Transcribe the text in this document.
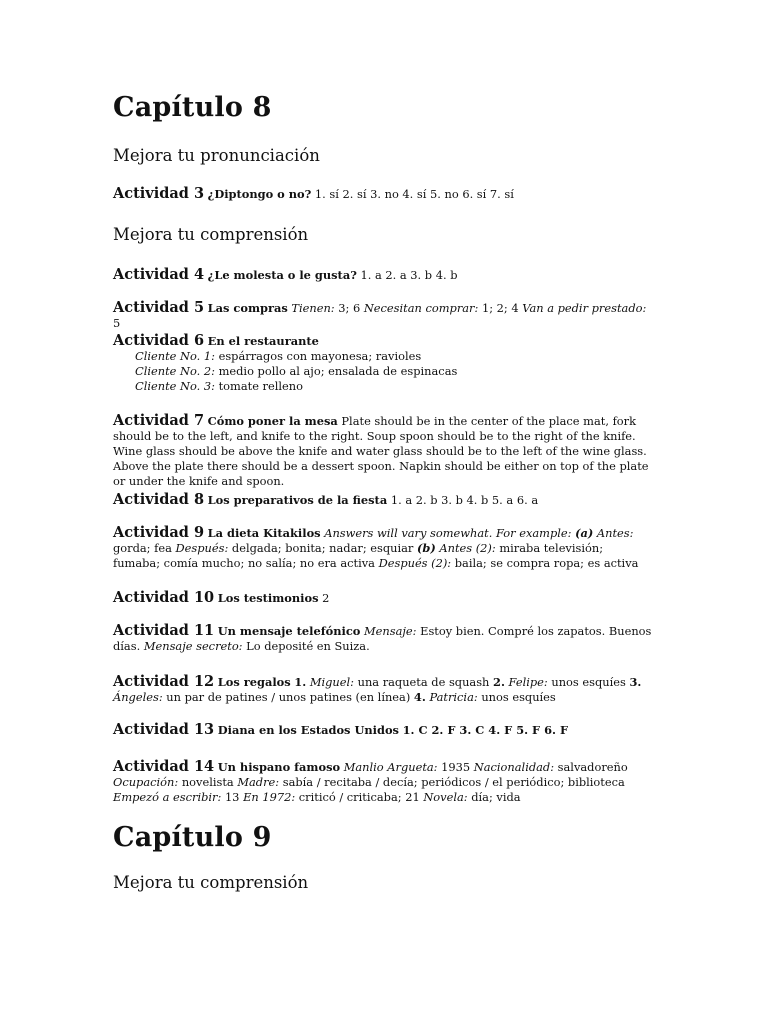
Capítulo 8
Mejora tu pronunciación

Actividad 3 ¿Diptongo o no? 1. sí 2. sí 3. no 4. sí 5. no 6. sí 7. sí

Mejora tu comprensión

Actividad 4 ¿Le molesta o le gusta? 1. a 2. a 3. b 4. b

Actividad 5 Las compras Tienen: 3; 6 Necesitan comprar: 1; 2; 4 Van a pedir prestado: 5

Actividad 6 En el restaurante
Cliente No. 1: espárragos con mayonesa; ravioles
Cliente No. 2: medio pollo al ajo; ensalada de espinacas
Cliente No. 3: tomate relleno

Actividad 7 Cómo poner la mesa Plate should be in the center of the place mat, fork should be to the left, and knife to the right. Soup spoon should be to the right of the knife. Wine glass should be above the knife and water glass should be to the left of the wine glass. Above the plate there should be a dessert spoon. Napkin should be either on top of the plate or under the knife and spoon.

Actividad 8 Los preparativos de la fiesta 1. a 2. b 3. b 4. b 5. a 6. a

Actividad 9 La dieta Kitakilos Answers will vary somewhat. For example: (a) Antes: gorda; fea Después: delgada; bonita; nadar; esquiar (b) Antes (2): miraba televisión; fumaba; comía mucho; no salía; no era activa Después (2): baila; se compra ropa; es activa

Actividad 10 Los testimonios 2

Actividad 11 Un mensaje telefónico Mensaje: Estoy bien. Compré los zapatos. Buenos días. Mensaje secreto: Lo deposité en Suiza.

Actividad 12 Los regalos 1. Miguel: una raqueta de squash 2. Felipe: unos esquíes 3. Ángeles: un par de patines / unos patines (en línea) 4. Patricia: unos esquíes

Actividad 13 Diana en los Estados Unidos 1. C 2. F 3. C 4. F 5. F 6. F

Actividad 14 Un hispano famoso Manlio Argueta: 1935 Nacionalidad: salvadoreño Ocupación: novelista Madre: sabía / recitaba / decía; periódicos / el periódico; biblioteca Empezó a escribir: 13 En 1972: criticó / criticaba; 21 Novela: día; vida

Capítulo 9
Mejora tu comprensión
